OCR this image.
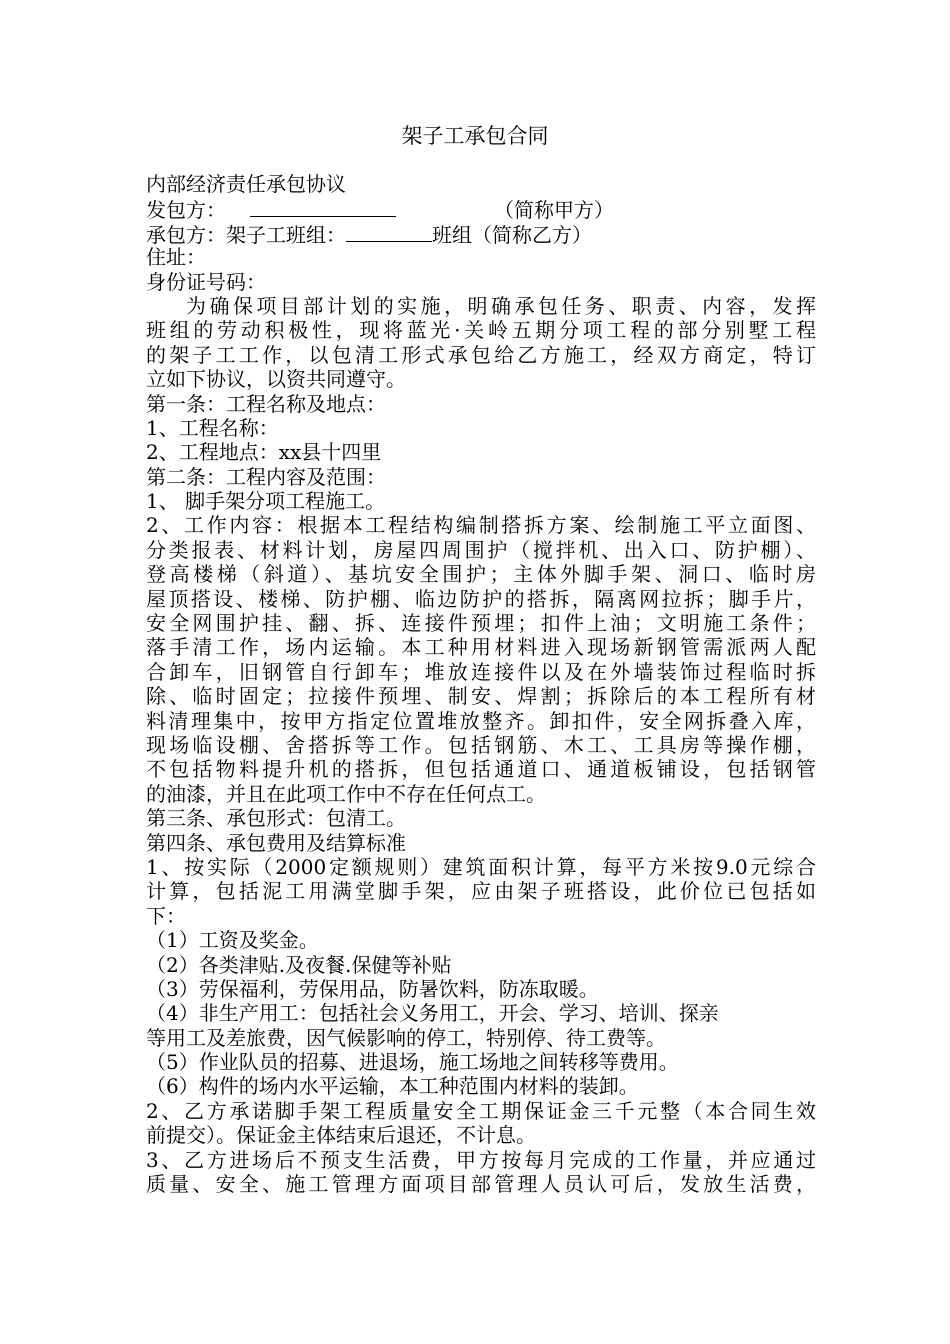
架子工承包合同
内部经济责任承包协议
发包方：	（简称甲方）
承包方：架子工班组：	班组（简称乙方）
住址：
身份证号码：
为确保项目部计划的实施，明确承包任务、职责、内容，发挥
班组的劳动积极性，现将蓝光·关岭五期分项工程的部分别墅工程
的架子工工作，以包清工形式承包给乙方施工，经双方商定，特订
立如下协议，以资共同遵守。
第一条：工程名称及地点：
1、工程名称：
2、工程地点：xx县十四里
第二条：工程内容及范围：
1、 脚手架分项工程施工。
2、工作内容：根据本工程结构编制搭拆方案、绘制施工平立面图、
分类报表、材料计划，房屋四周围护（搅拌机、出入口、防护棚）、
登高楼梯（斜道）、基坑安全围护；主体外脚手架、洞口、临时房
屋顶搭设、楼梯、防护棚、临边防护的搭拆，隔离网拉拆；脚手片，
安全网围护挂、翻、拆、连接件预埋；扣件上油；文明施工条件；
落手清工作，场内运输。本工种用材料进入现场新钢管需派两人配
合卸车，旧钢管自行卸车；堆放连接件以及在外墙装饰过程临时拆
除、临时固定；拉接件预埋、制安、焊割；拆除后的本工程所有材
料清理集中，按甲方指定位置堆放整齐。卸扣件，安全网拆叠入库，
现场临设棚、舍搭拆等工作。包括钢筋、木工、工具房等操作棚，
不包括物料提升机的搭拆，但包括通道口、通道板铺设，包括钢管
的油漆，并且在此项工作中不存在任何点工。
第三条、承包形式：包清工。
第四条、承包费用及结算标准
1、按实际（2000定额规则）建筑面积计算，每平方米按9.0元综合
计算，包括泥工用满堂脚手架，应由架子班搭设，此价位已包括如
下：
（1）工资及奖金。
（2）各类津贴.及夜餐.保健等补贴
（3）劳保福利，劳保用品，防暑饮料，防冻取暖。
（4）非生产用工：包括社会义务用工，开会、学习、培训、探亲
等用工及差旅费，因气候影响的停工，特别停、待工费等。
（5）作业队员的招募、进退场，施工场地之间转移等费用。
（6）构件的场内水平运输，本工种范围内材料的装卸。
2、乙方承诺脚手架工程质量安全工期保证金三千元整（本合同生效
前提交）。保证金主体结束后退还，不计息。
3、乙方进场后不预支生活费，甲方按每月完成的工作量，并应通过
质量、安全、施工管理方面项目部管理人员认可后，发放生活费，
